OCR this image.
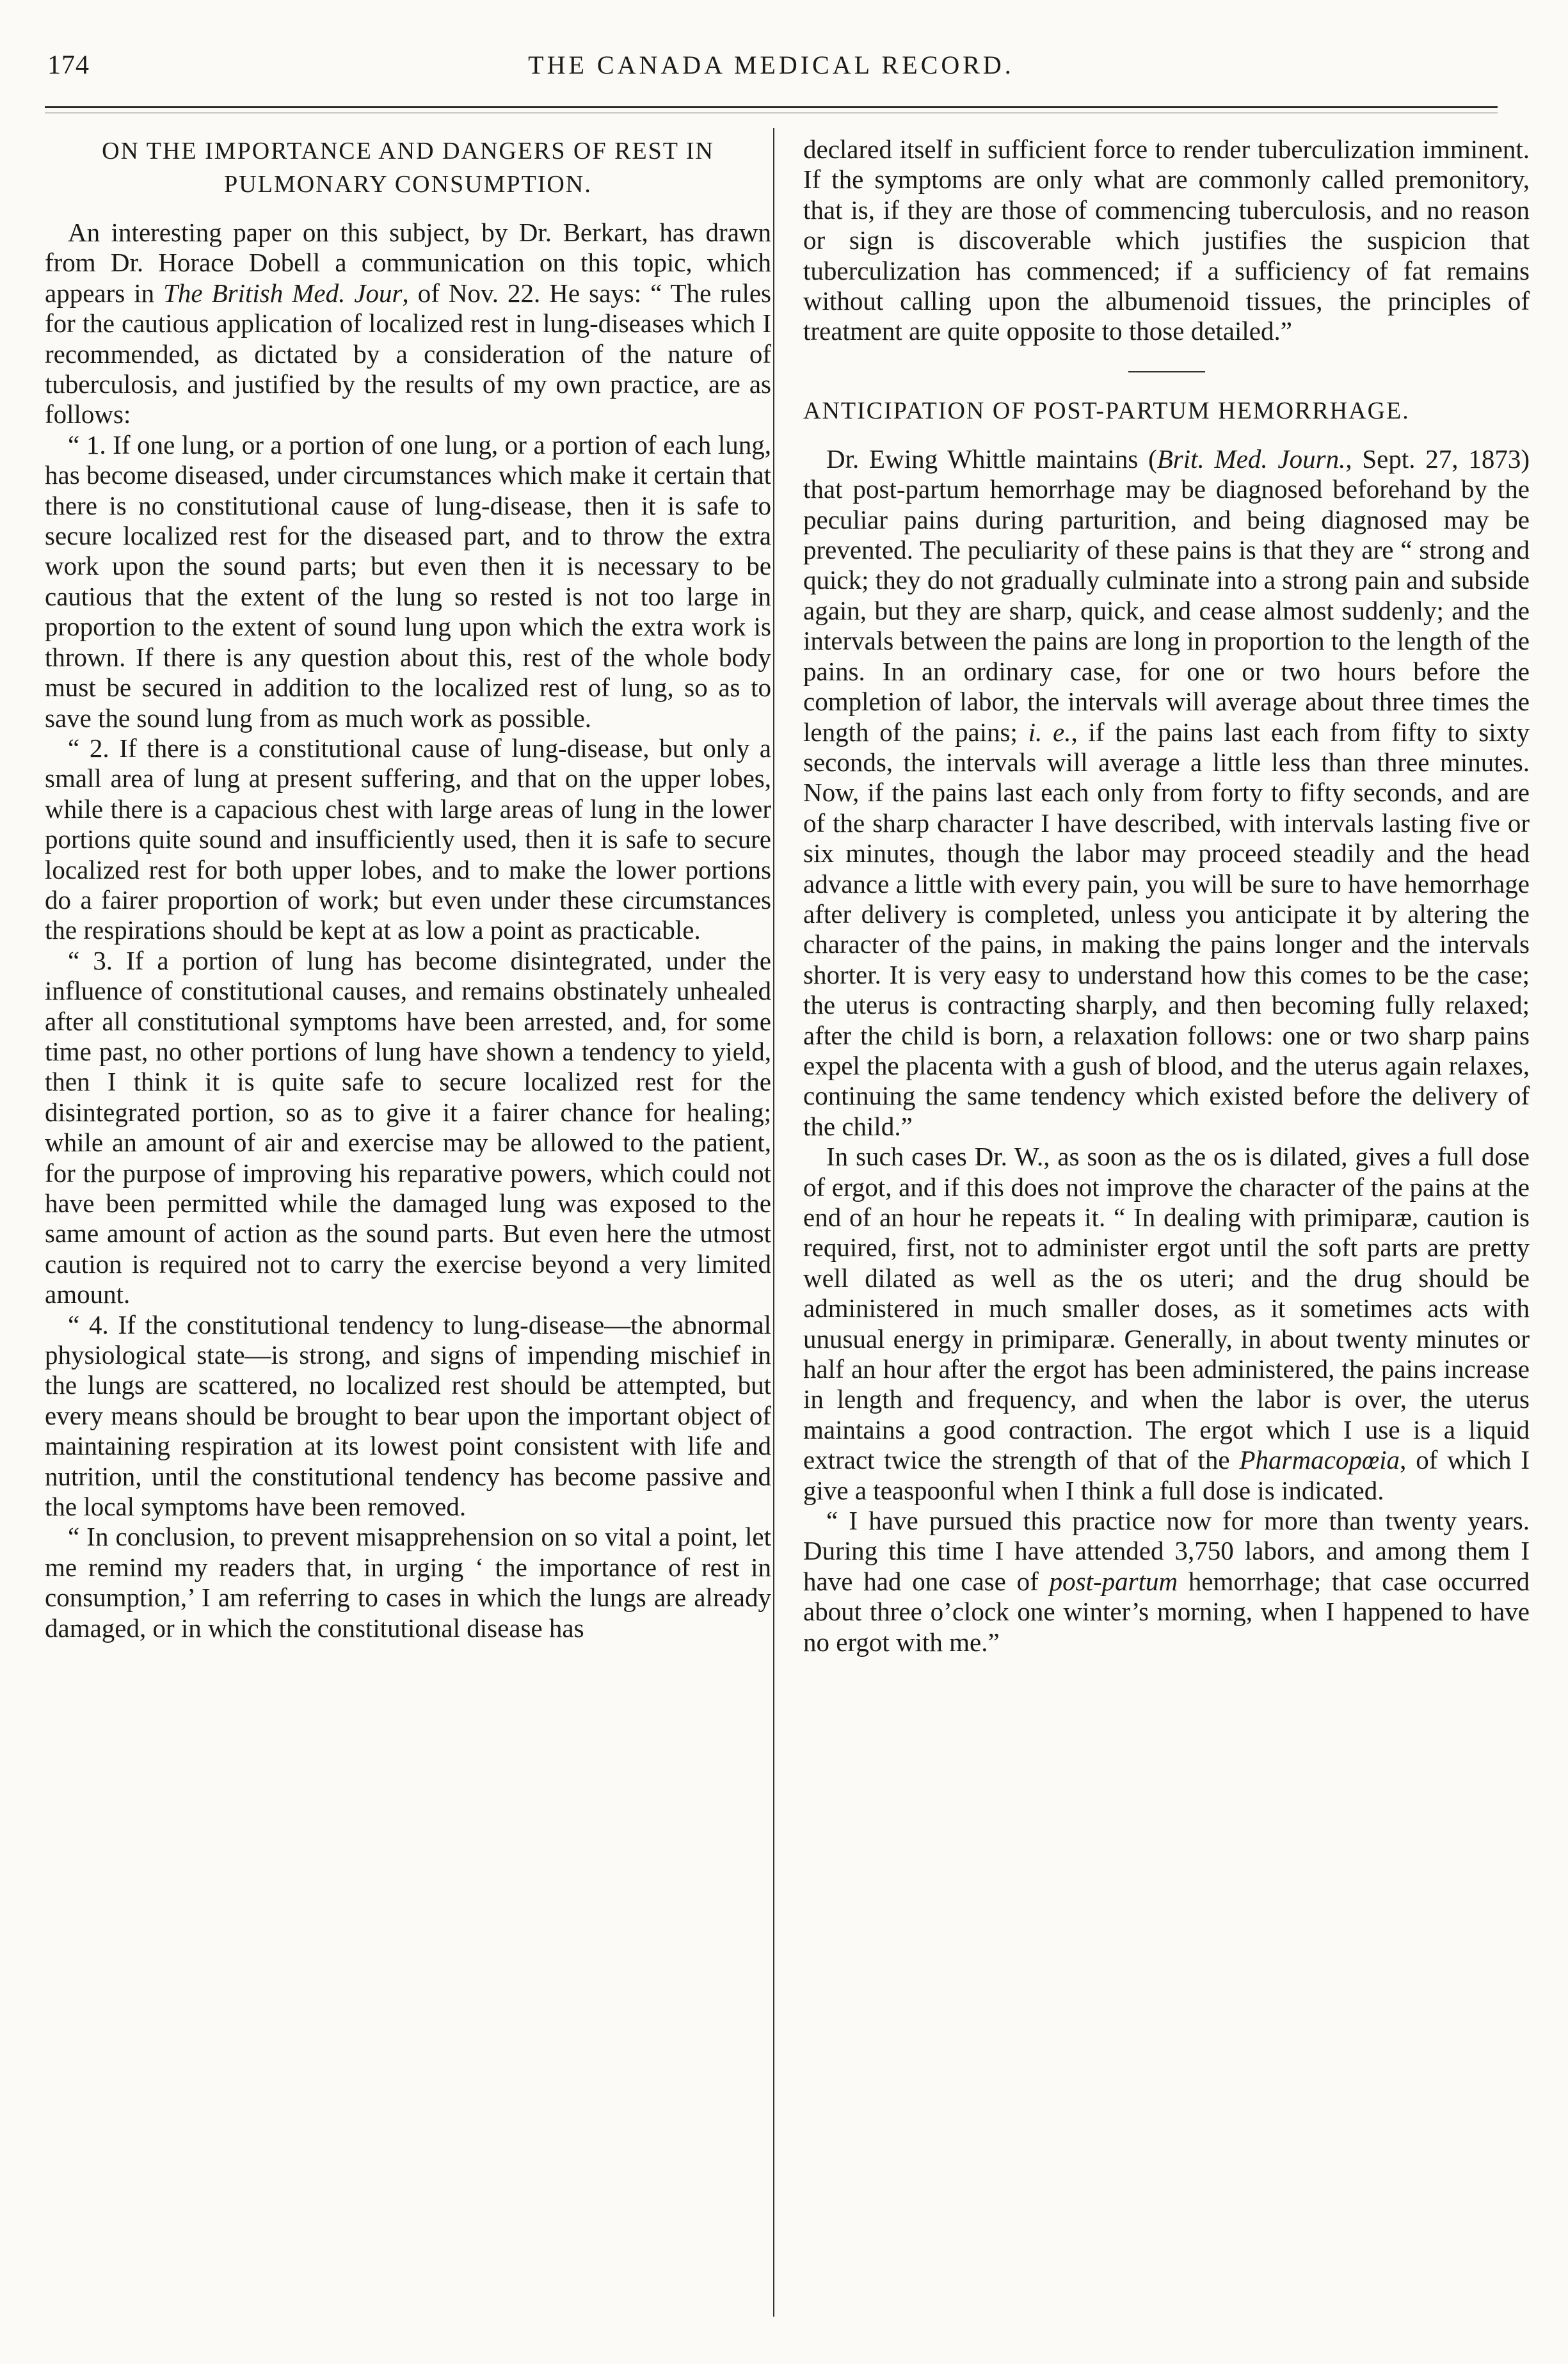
174	THE CANADA MEDICAL RECORD.
ON THE IMPORTANCE AND DANGERS OF REST IN PULMONARY CONSUMPTION.

An interesting paper on this subject, by Dr. Berkart, has drawn from Dr. Horace Dobell a communication on this topic, which appears in The British Med. Jour, of Nov. 22. He says: “ The rules for the cautious application of localized rest in lung-diseases which I recommended, as dictated by a consideration of the nature of tuberculosis, and justified by the results of my own practice, are as follows:

“ 1. If one lung, or a portion of one lung, or a portion of each lung, has become diseased, under circumstances which make it certain that there is no constitutional cause of lung-disease, then it is safe to secure localized rest for the diseased part, and to throw the extra work upon the sound parts; but even then it is necessary to be cautious that the extent of the lung so rested is not too large in proportion to the extent of sound lung upon which the extra work is thrown. If there is any question about this, rest of the whole body must be secured in addition to the localized rest of lung, so as to save the sound lung from as much work as possible.

“ 2. If there is a constitutional cause of lung-disease, but only a small area of lung at present suffering, and that on the upper lobes, while there is a capacious chest with large areas of lung in the lower portions quite sound and insufficiently used, then it is safe to secure localized rest for both upper lobes, and to make the lower portions do a fairer proportion of work; but even under these circumstances the respirations should be kept at as low a point as practicable.

“ 3. If a portion of lung has become disintegrated, under the influence of constitutional causes, and remains obstinately unhealed after all constitutional symptoms have been arrested, and, for some time past, no other portions of lung have shown a tendency to yield, then I think it is quite safe to secure localized rest for the disintegrated portion, so as to give it a fairer chance for healing; while an amount of air and exercise may be allowed to the patient, for the purpose of improving his reparative powers, which could not have been permitted while the damaged lung was exposed to the same amount of action as the sound parts. But even here the utmost caution is required not to carry the exercise beyond a very limited amount.

“ 4. If the constitutional tendency to lung-disease—the abnormal physiological state—is strong, and signs of impending mischief in the lungs are scattered, no localized rest should be attempted, but every means should be brought to bear upon the important object of maintaining respiration at its lowest point consistent with life and nutrition, until the constitutional tendency has become passive and the local symptoms have been removed.

“ In conclusion, to prevent misapprehension on so vital a point, let me remind my readers that, in urging ‘ the importance of rest in consumption,’ I am referring to cases in which the lungs are already damaged, or in which the constitutional disease has

declared itself in sufficient force to render tuberculization imminent. If the symptoms are only what are commonly called premonitory, that is, if they are those of commencing tuberculosis, and no reason or sign is discoverable which justifies the suspicion that tuberculization has commenced; if a sufficiency of fat remains without calling upon the albumenoid tissues, the principles of treatment are quite opposite to those detailed.”

ANTICIPATION OF POST-PARTUM HEMORRHAGE.

Dr. Ewing Whittle maintains (Brit. Med. Journ., Sept. 27, 1873) that post-partum hemorrhage may be diagnosed beforehand by the peculiar pains during parturition, and being diagnosed may be prevented. The peculiarity of these pains is that they are “ strong and quick; they do not gradually culminate into a strong pain and subside again, but they are sharp, quick, and cease almost suddenly; and the intervals between the pains are long in proportion to the length of the pains. In an ordinary case, for one or two hours before the completion of labor, the intervals will average about three times the length of the pains; i. e., if the pains last each from fifty to sixty seconds, the intervals will average a little less than three minutes. Now, if the pains last each only from forty to fifty seconds, and are of the sharp character I have described, with intervals lasting five or six minutes, though the labor may proceed steadily and the head advance a little with every pain, you will be sure to have hemorrhage after delivery is completed, unless you anticipate it by altering the character of the pains, in making the pains longer and the intervals shorter. It is very easy to understand how this comes to be the case; the uterus is contracting sharply, and then becoming fully relaxed; after the child is born, a relaxation follows: one or two sharp pains expel the placenta with a gush of blood, and the uterus again relaxes, continuing the same tendency which existed before the delivery of the child.”

In such cases Dr. W., as soon as the os is dilated, gives a full dose of ergot, and if this does not improve the character of the pains at the end of an hour he repeats it. “ In dealing with primiparæ, caution is required, first, not to administer ergot until the soft parts are pretty well dilated as well as the os uteri; and the drug should be administered in much smaller doses, as it sometimes acts with unusual energy in primiparæ. Generally, in about twenty minutes or half an hour after the ergot has been administered, the pains increase in length and frequency, and when the labor is over, the uterus maintains a good contraction. The ergot which I use is a liquid extract twice the strength of that of the Pharmacopœia, of which I give a teaspoonful when I think a full dose is indicated.

“ I have pursued this practice now for more than twenty years. During this time I have attended 3,750 labors, and among them I have had one case of post-partum hemorrhage; that case occurred about three o’clock one winter’s morning, when I happened to have no ergot with me.”
